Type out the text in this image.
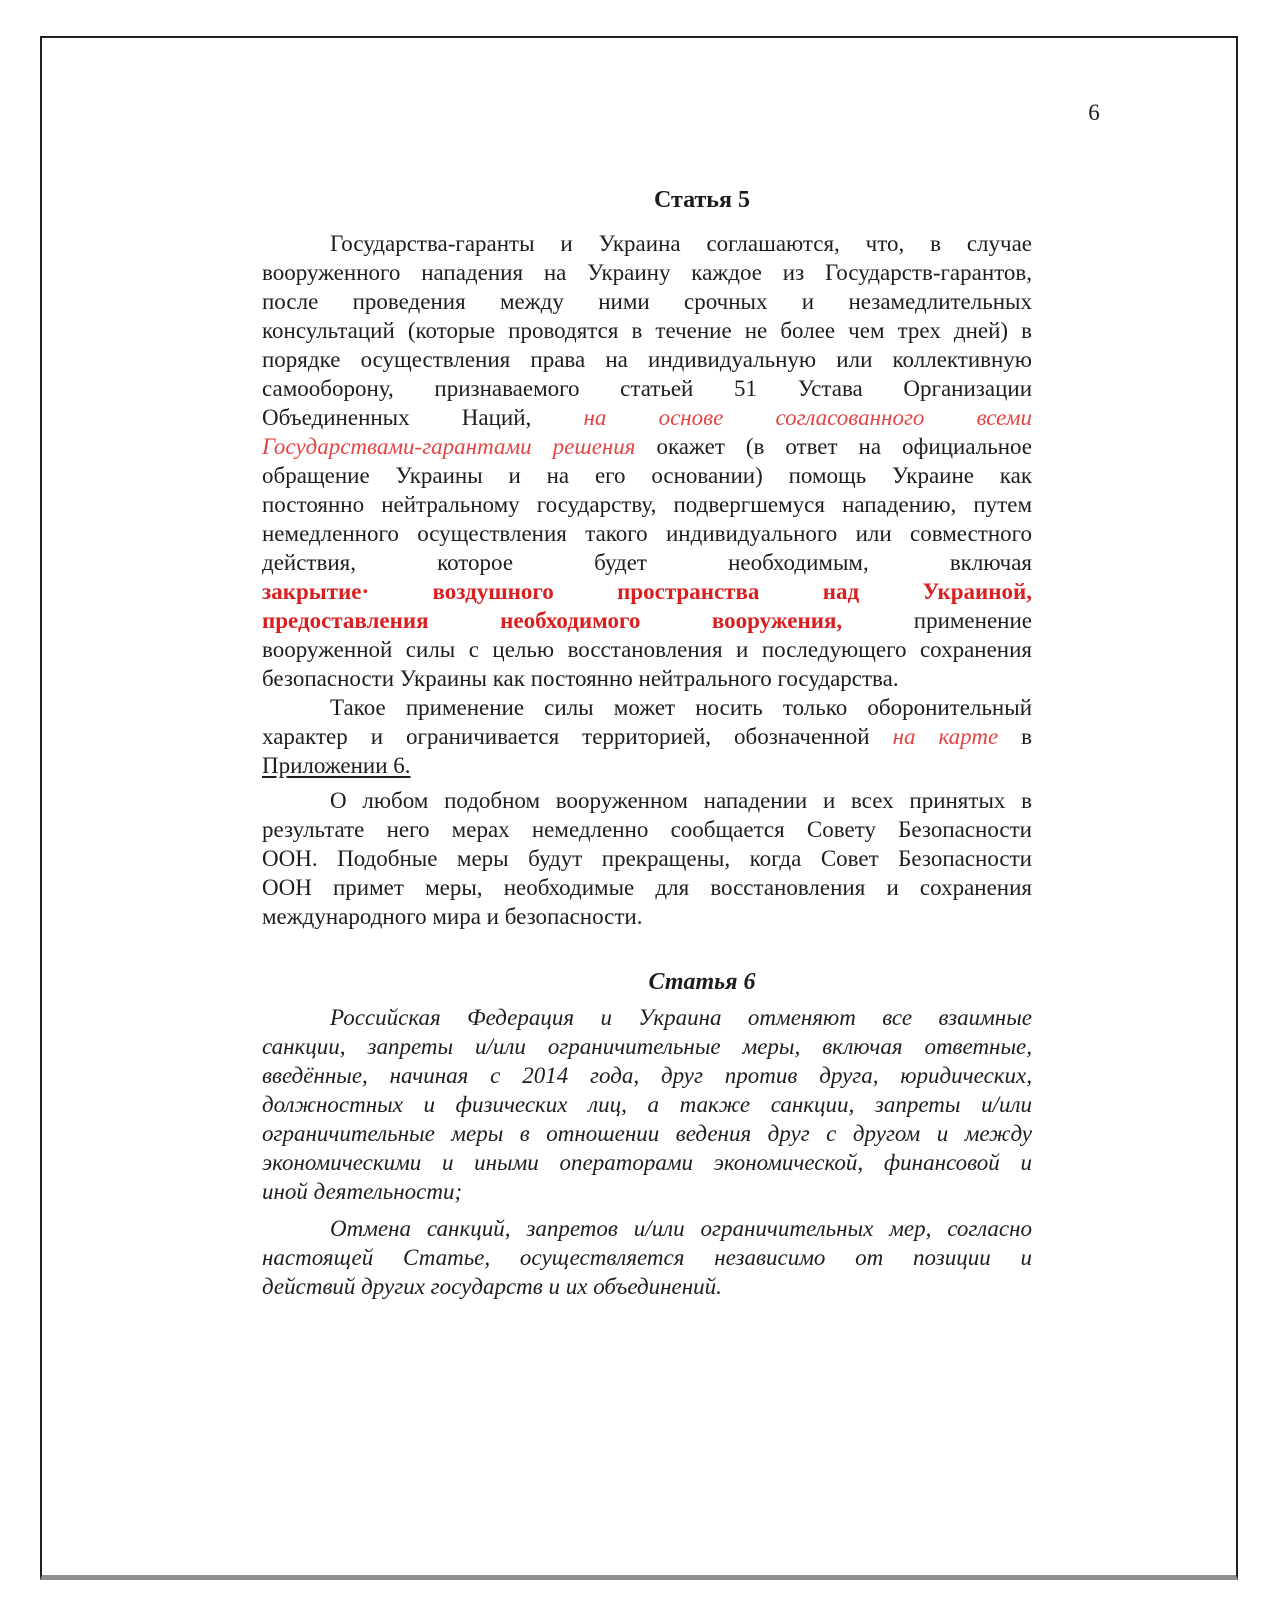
6
Статья 5
Государства-гаранты и Украина соглашаются, что, в случае
вооруженного нападения на Украину каждое из Государств-гарантов,
после проведения между ними срочных и незамедлительных
консультаций (которые проводятся в течение не более чем трех дней) в
порядке осуществления права на индивидуальную или коллективную
самооборону, признаваемого статьей 51 Устава Организации
Объединенных Наций, на основе согласованного всеми
Государствами-гарантами решения окажет (в ответ на официальное
обращение Украины и на его основании) помощь Украине как
постоянно нейтральному государству, подвергшемуся нападению, путем
немедленного осуществления такого индивидуального или совместного
действия, которое будет необходимым, включая
закрытие· воздушного пространства над Украиной,
предоставления необходимого вооружения, применение
вооруженной силы с целью восстановления и последующего сохранения
безопасности Украины как постоянно нейтрального государства.
Такое применение силы может носить только оборонительный
характер и ограничивается территорией, обозначенной на карте в
Приложении 6.
О любом подобном вооруженном нападении и всех принятых в
результате него мерах немедленно сообщается Совету Безопасности
ООН. Подобные меры будут прекращены, когда Совет Безопасности
ООН примет меры, необходимые для восстановления и сохранения
международного мира и безопасности.
Статья 6
Российская Федерация и Украина отменяют все взаимные
санкции, запреты и/или ограничительные меры, включая ответные,
введённые, начиная с 2014 года, друг против друга, юридических,
должностных и физических лиц, а также санкции, запреты и/или
ограничительные меры в отношении ведения друг с другом и между
экономическими и иными операторами экономической, финансовой и
иной деятельности;
Отмена санкций, запретов и/или ограничительных мер, согласно
настоящей Статье, осуществляется независимо от позиции и
действий других государств и их объединений.
